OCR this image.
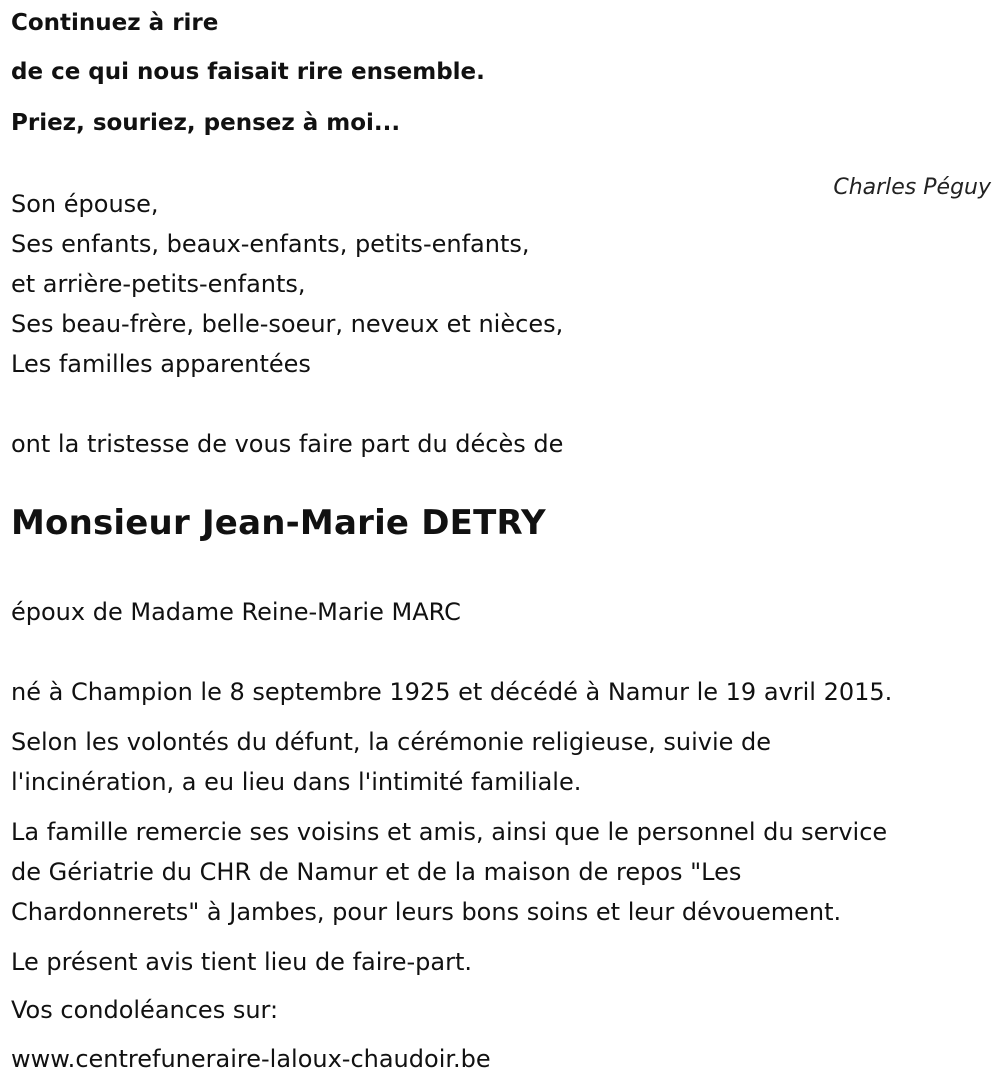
Continuez à rire

de ce qui nous faisait rire ensemble.

Priez, souriez, pensez à moi...

Charles Péguy

Son épouse,

Ses enfants, beaux-enfants, petits-enfants,

et arrière-petits-enfants,

Ses beau-frère, belle-soeur, neveux et nièces,

Les familles apparentées

ont la tristesse de vous faire part du décès de

Monsieur Jean-Marie DETRY

époux de Madame Reine-Marie MARC

né à Champion le 8 septembre 1925 et décédé à Namur le 19 avril 2015.

Selon les volontés du défunt, la cérémonie religieuse, suivie de

l'incinération, a eu lieu dans l'intimité familiale.

La famille remercie ses voisins et amis, ainsi que le personnel du service

de Gériatrie du CHR de Namur et de la maison de repos "Les

Chardonnerets" à Jambes, pour leurs bons soins et leur dévouement.

Le présent avis tient lieu de faire-part.

Vos condoléances sur:

www.centrefuneraire-laloux-chaudoir.be
